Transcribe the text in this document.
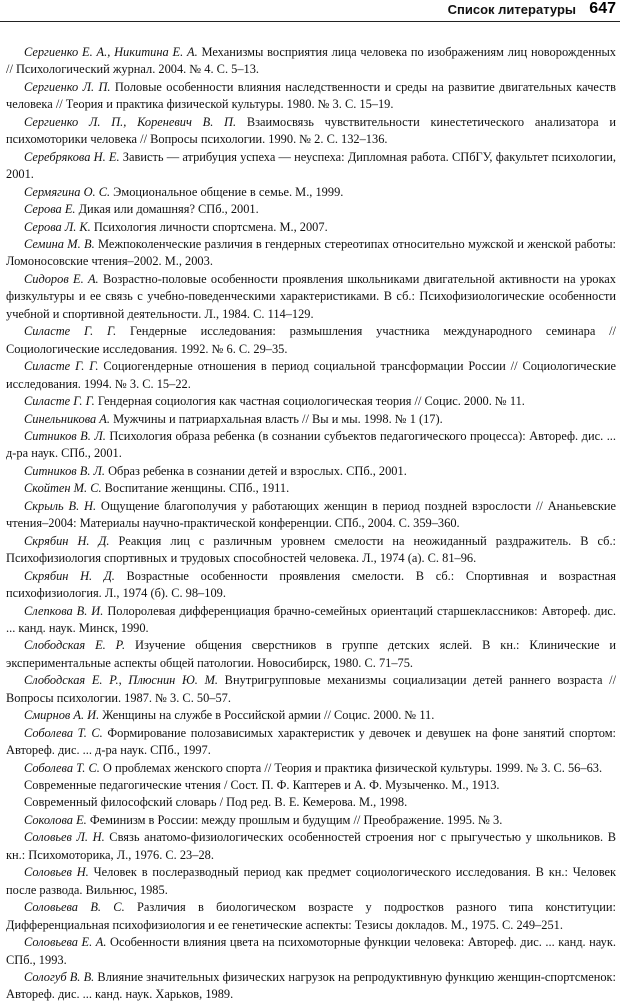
Список литературы 647

Сергиенко Е. А., Никитина Е. А. Механизмы восприятия лица человека по изображениям лиц новорожденных // Психологический журнал. 2004. № 4. С. 5–13.

Сергиенко Л. П. Половые особенности влияния наследственности и среды на развитие двигательных качеств человека // Теория и практика физической культуры. 1980. № 3. С. 15–19.

Сергиенко Л. П., Кореневич В. П. Взаимосвязь чувствительности кинестетического анализатора и психомоторики человека // Вопросы психологии. 1990. № 2. С. 132–136.

Серебрякова Н. Е. Зависть — атрибуция успеха — неуспеха: Дипломная работа. СПбГУ, факультет психологии, 2001.

Сермягина О. С. Эмоциональное общение в семье. М., 1999.

Серова Е. Дикая или домашняя? СПб., 2001.

Серова Л. К. Психология личности спортсмена. М., 2007.

Семина М. В. Межпоколенческие различия в гендерных стереотипах относительно мужской и женской работы: Ломоносовские чтения–2002. М., 2003.

Сидоров Е. А. Возрастно-половые особенности проявления школьниками двигательной активности на уроках физкультуры и ее связь с учебно-поведенческими характеристиками. В сб.: Психофизиологические особенности учебной и спортивной деятельности. Л., 1984. С. 114–129.

Силасте Г. Г. Гендерные исследования: размышления участника международного семинара // Социологические исследования. 1992. № 6. С. 29–35.

Силасте Г. Г. Социогендерные отношения в период социальной трансформации России // Социологические исследования. 1994. № 3. С. 15–22.

Силасте Г. Г. Гендерная социология как частная социологическая теория // Социс. 2000. № 11.

Синельникова А. Мужчины и патриархальная власть // Вы и мы. 1998. № 1 (17).

Ситников В. Л. Психология образа ребенка (в сознании субъектов педагогического процесса): Автореф. дис. ... д-ра наук. СПб., 2001.

Ситников В. Л. Образ ребенка в сознании детей и взрослых. СПб., 2001.

Скойтен М. С. Воспитание женщины. СПб., 1911.

Скрыль В. Н. Ощущение благополучия у работающих женщин в период поздней взрослости // Ананьевские чтения–2004: Материалы научно-практической конференции. СПб., 2004. С. 359–360.

Скрябин Н. Д. Реакция лиц с различным уровнем смелости на неожиданный раздражитель. В сб.: Психофизиология спортивных и трудовых способностей человека. Л., 1974 (а). С. 81–96.

Скрябин Н. Д. Возрастные особенности проявления смелости. В сб.: Спортивная и возрастная психофизиология. Л., 1974 (б). С. 98–109.

Слепкова В. И. Полоролевая дифференциация брачно-семейных ориентаций старшеклассников: Автореф. дис. ... канд. наук. Минск, 1990.

Слободская Е. Р. Изучение общения сверстников в группе детских яслей. В кн.: Клинические и экспериментальные аспекты общей патологии. Новосибирск, 1980. С. 71–75.

Слободская Е. Р., Плюснин Ю. М. Внутригрупповые механизмы социализации детей раннего возраста // Вопросы психологии. 1987. № 3. С. 50–57.

Смирнов А. И. Женщины на службе в Российской армии // Социс. 2000. № 11.

Соболева Т. С. Формирование полозависимых характеристик у девочек и девушек на фоне занятий спортом: Автореф. дис. ... д-ра наук. СПб., 1997.

Соболева Т. С. О проблемах женского спорта // Теория и практика физической культуры. 1999. № 3. С. 56–63.

Современные педагогические чтения / Сост. П. Ф. Каптерев и А. Ф. Музыченко. М., 1913.

Современный философский словарь / Под ред. В. Е. Кемерова. М., 1998.

Соколова Е. Феминизм в России: между прошлым и будущим // Преображение. 1995. № 3.

Соловьев Л. Н. Связь анатомо-физиологических особенностей строения ног с прыгучестью у школьников. В кн.: Психомоторика, Л., 1976. С. 23–28.

Соловьев Н. Человек в послеразводный период как предмет социологического исследования. В кн.: Человек после развода. Вильнюс, 1985.

Соловьева В. С. Различия в биологическом возрасте у подростков разного типа конституции: Дифференциальная психофизиология и ее генетические аспекты: Тезисы докладов. М., 1975. С. 249–251.

Соловьева Е. А. Особенности влияния цвета на психомоторные функции человека: Автореф. дис. ... канд. наук. СПб., 1993.

Сологуб В. В. Влияние значительных физических нагрузок на репродуктивную функцию женщин-спортсменок: Автореф. дис. ... канд. наук. Харьков, 1989.
